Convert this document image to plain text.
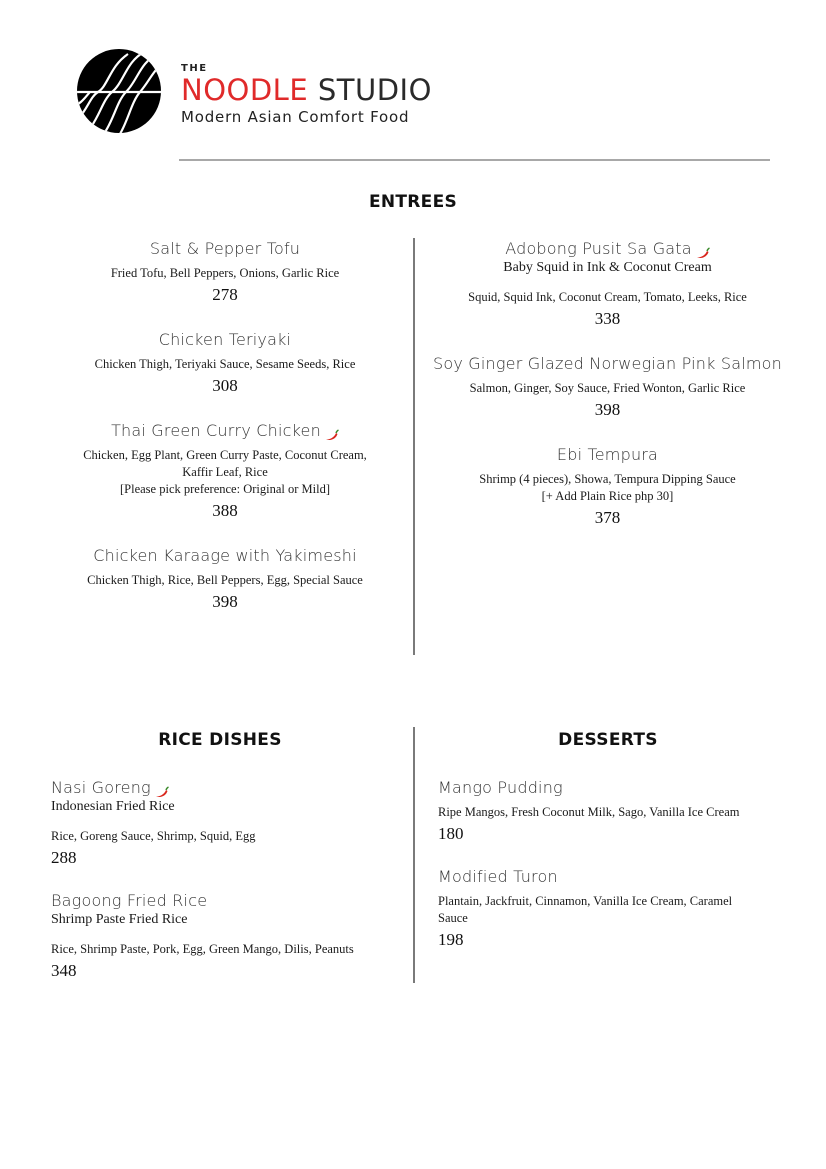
THE
NOODLE STUDIO
Modern Asian Comfort Food
ENTREES
Salt & Pepper Tofu
Fried Tofu, Bell Peppers, Onions, Garlic Rice
278
Chicken Teriyaki
Chicken Thigh, Teriyaki Sauce, Sesame Seeds, Rice
308
Thai Green Curry Chicken
Chicken, Egg Plant, Green Curry Paste, Coconut Cream,
Kaffir Leaf, Rice
[Please pick preference: Original or Mild]
388
Chicken Karaage with Yakimeshi
Chicken Thigh, Rice, Bell Peppers, Egg, Special Sauce
398
Adobong Pusit Sa Gata
Baby Squid in Ink & Coconut Cream
Squid, Squid Ink, Coconut Cream, Tomato, Leeks, Rice
338
Soy Ginger Glazed Norwegian Pink Salmon
Salmon, Ginger, Soy Sauce, Fried Wonton, Garlic Rice
398
Ebi Tempura
Shrimp (4 pieces), Showa, Tempura Dipping Sauce
[+ Add Plain Rice php 30]
378
RICE DISHES
Nasi Goreng
Indonesian Fried Rice
Rice, Goreng Sauce, Shrimp, Squid, Egg
288
Bagoong Fried Rice
Shrimp Paste Fried Rice
Rice, Shrimp Paste, Pork, Egg, Green Mango, Dilis, Peanuts
348
DESSERTS
Mango Pudding
Ripe Mangos, Fresh Coconut Milk, Sago, Vanilla Ice Cream
180
Modified Turon
Plantain, Jackfruit, Cinnamon, Vanilla Ice Cream, Caramel
Sauce
198
